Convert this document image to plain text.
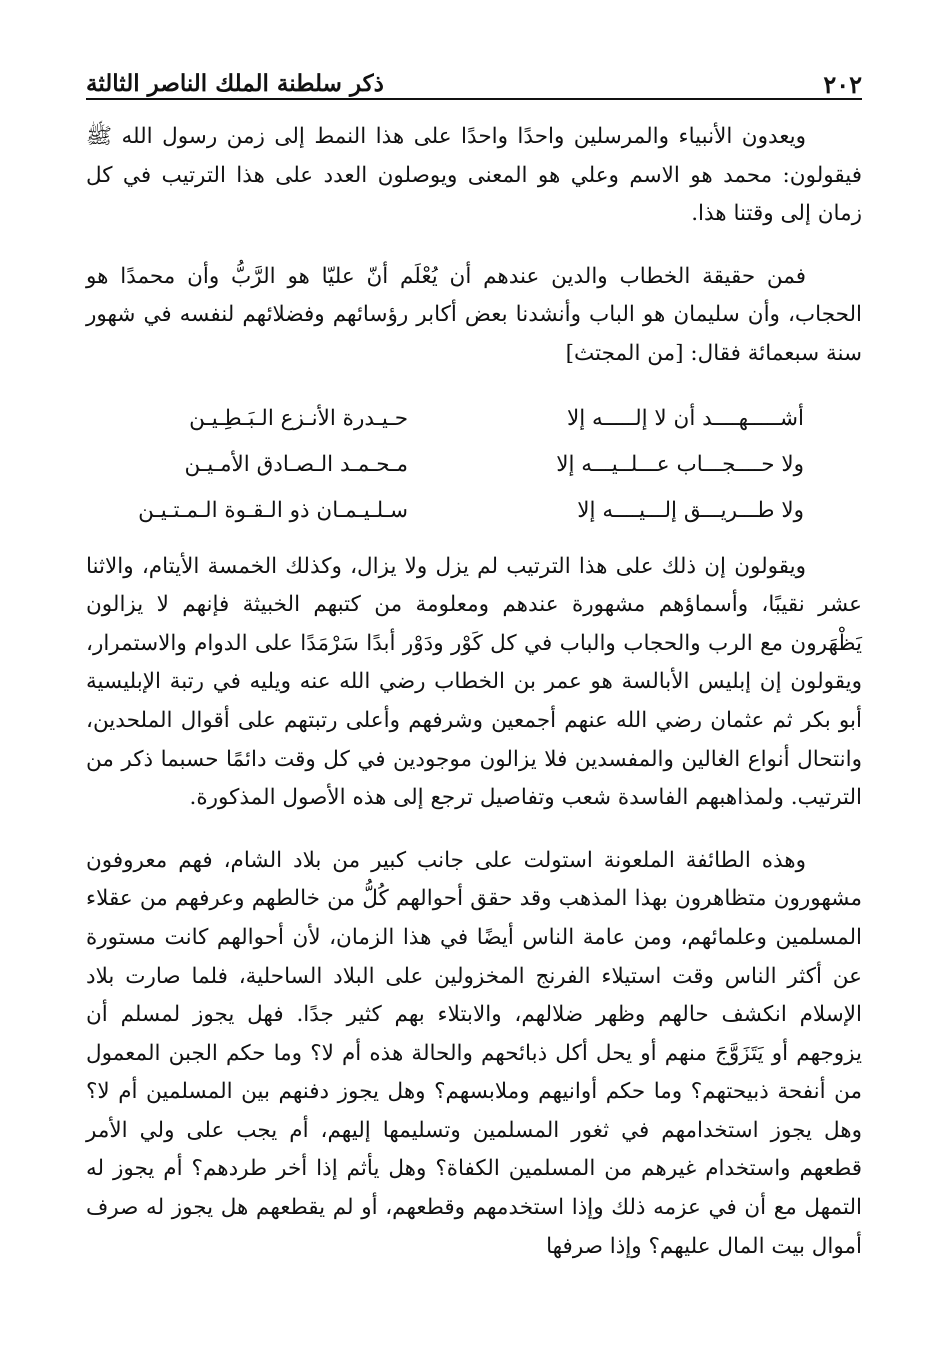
٢٠٢
ذكر سلطنة الملك الناصر الثالثة

ويعدون الأنبياء والمرسلين واحدًا واحدًا على هذا النمط إلى زمن رسول الله ﷺ فيقولون: محمد هو الاسم وعلي هو المعنى ويوصلون العدد على هذا الترتيب في كل زمان إلى وقتنا هذا.

فمن حقيقة الخطاب والدين عندهم أن يُعْلَم أنّ عليّا هو الرَّبُّ وأن محمدًا هو الحجاب، وأن سليمان هو الباب وأنشدنا بعض أكابر رؤسائهم وفضلائهم لنفسه في شهور سنة سبعمائة فقال: [من المجتث]

أشـــــهــــد أن لا إلـــــه إلا
حـيـدرة الأنـزع الـبَـطِـيـن
ولا حــــجـــاب عـــلــيـــه إلا
مـحـمـد الـصـادق الأمـيـن
ولا طـــريـــق إلـــيــــه إلا
سـلـيـمـان ذو الـقـوة الـمـتـيـن

ويقولون إن ذلك على هذا الترتيب لم يزل ولا يزال، وكذلك الخمسة الأيتام، والاثنا عشر نقيبًا، وأسماؤهم مشهورة عندهم ومعلومة من كتبهم الخبيثة فإنهم لا يزالون يَظْهَرون مع الرب والحجاب والباب في كل كَوْر ودَوْر أبدًا سَرْمَدًا على الدوام والاستمرار، ويقولون إن إبليس الأبالسة هو عمر بن الخطاب رضي الله عنه ويليه في رتبة الإبليسية أبو بكر ثم عثمان رضي الله عنهم أجمعين وشرفهم وأعلى رتبتهم على أقوال الملحدين، وانتحال أنواع الغالين والمفسدين فلا يزالون موجودين في كل وقت دائمًا حسبما ذكر من الترتيب. ولمذاهبهم الفاسدة شعب وتفاصيل ترجع إلى هذه الأصول المذكورة.

وهذه الطائفة الملعونة استولت على جانب كبير من بلاد الشام، فهم معروفون مشهورون متظاهرون بهذا المذهب وقد حقق أحوالهم كُلُّ من خالطهم وعرفهم من عقلاء المسلمين وعلمائهم، ومن عامة الناس أيضًا في هذا الزمان، لأن أحوالهم كانت مستورة عن أكثر الناس وقت استيلاء الفرنج المخزولين على البلاد الساحلية، فلما صارت بلاد الإسلام انكشف حالهم وظهر ضلالهم، والابتلاء بهم كثير جدًا. فهل يجوز لمسلم أن يزوجهم أو يَتَزَوَّجَ منهم أو يحل أكل ذبائحهم والحالة هذه أم لا؟ وما حكم الجبن المعمول من أنفحة ذبيحتهم؟ وما حكم أوانيهم وملابسهم؟ وهل يجوز دفنهم بين المسلمين أم لا؟ وهل يجوز استخدامهم في ثغور المسلمين وتسليمها إليهم، أم يجب على ولي الأمر قطعهم واستخدام غيرهم من المسلمين الكفاة؟ وهل يأثم إذا أخر طردهم؟ أم يجوز له التمهل مع أن في عزمه ذلك وإذا استخدمهم وقطعهم، أو لم يقطعهم هل يجوز له صرف أموال بيت المال عليهم؟ وإذا صرفها
